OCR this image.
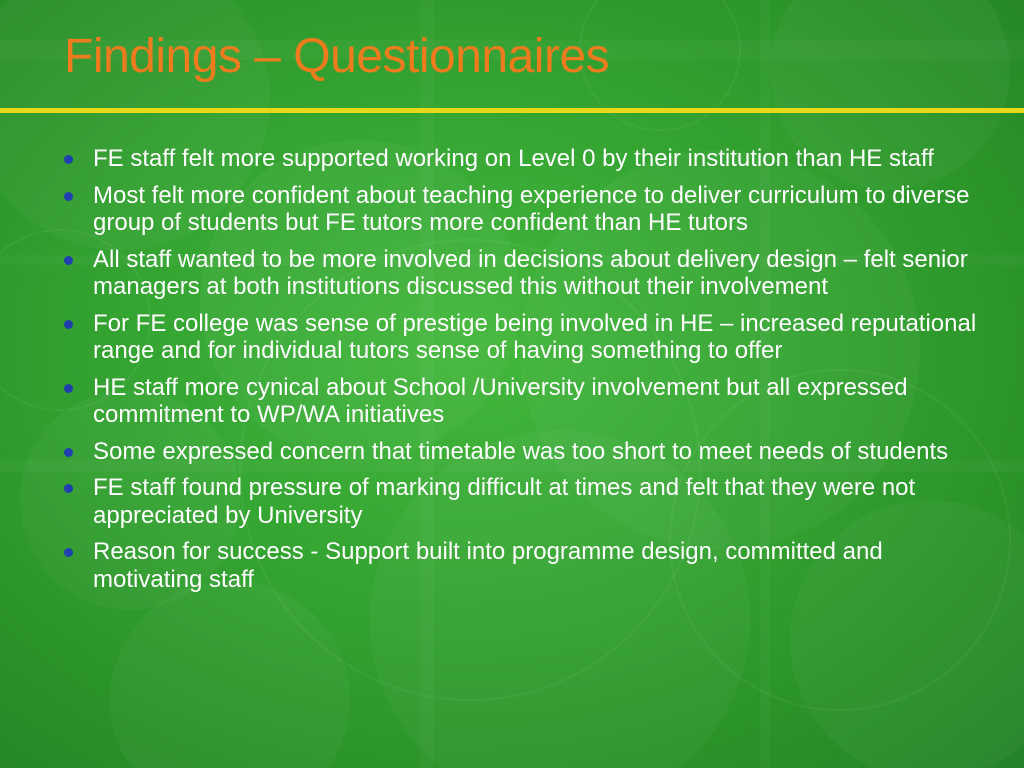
Findings – Questionnaires
FE staff felt more supported working on Level 0 by their institution than HE staff
Most felt more confident about teaching experience to deliver curriculum to diverse group of students but FE tutors more confident than HE tutors
All staff wanted to be more involved in decisions about delivery design – felt senior managers at both institutions discussed this without their involvement
For FE college was sense of prestige being involved in HE – increased reputational range and for individual tutors sense of having something to offer
HE staff more cynical about School /University involvement but all expressed commitment to WP/WA initiatives
Some expressed concern that timetable was too short to meet needs of students
FE staff found pressure of marking difficult at times and felt that they were not appreciated by University
Reason for success - Support built into programme design, committed and motivating staff
